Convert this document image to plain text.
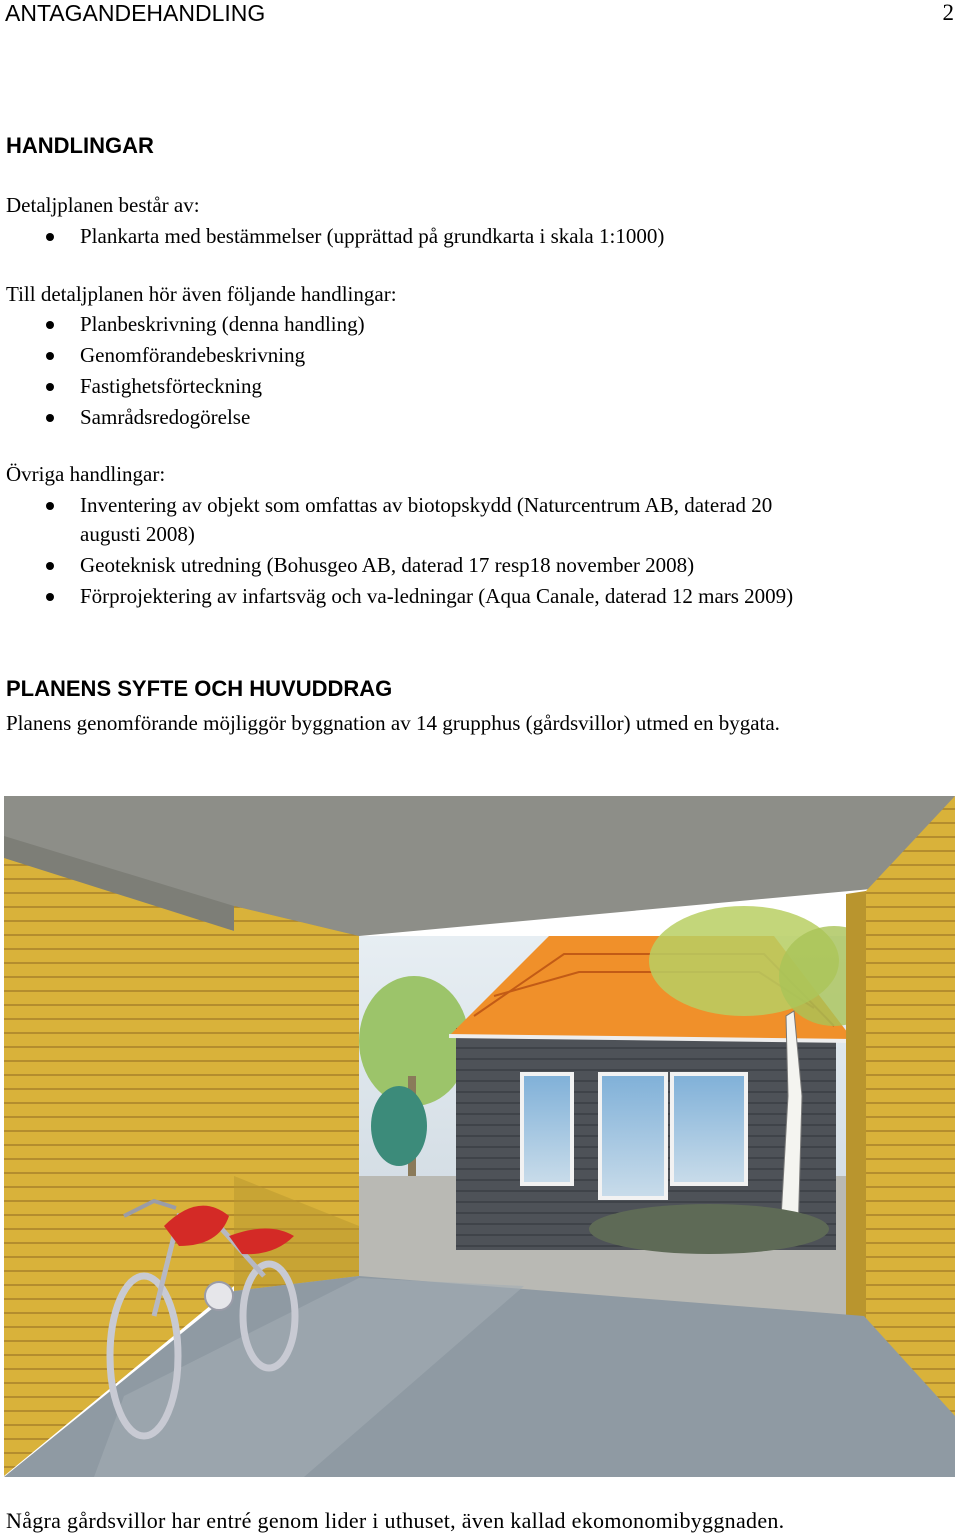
ANTAGANDEHANDLING	2
HANDLINGAR
Detaljplanen består av:
Plankarta med bestämmelser (upprättad på grundkarta i skala 1:1000)
Till detaljplanen hör även följande handlingar:
Planbeskrivning (denna handling)
Genomförandebeskrivning
Fastighetsförteckning
Samrådsredogörelse
Övriga handlingar:
Inventering av objekt som omfattas av biotopskydd (Naturcentrum AB, daterad 20
augusti 2008)
Geoteknisk utredning (Bohusgeo AB, daterad 17 resp18 november 2008)
Förprojektering av infartsväg och va-ledningar (Aqua Canale, daterad 12 mars 2009)
PLANENS SYFTE OCH HUVUDDRAG
Planens genomförande möjliggör byggnation av 14 grupphus (gårdsvillor) utmed en bygata.
Några gårdsvillor har entré genom lider i uthuset, även kallad ekomonomibyggnaden.
